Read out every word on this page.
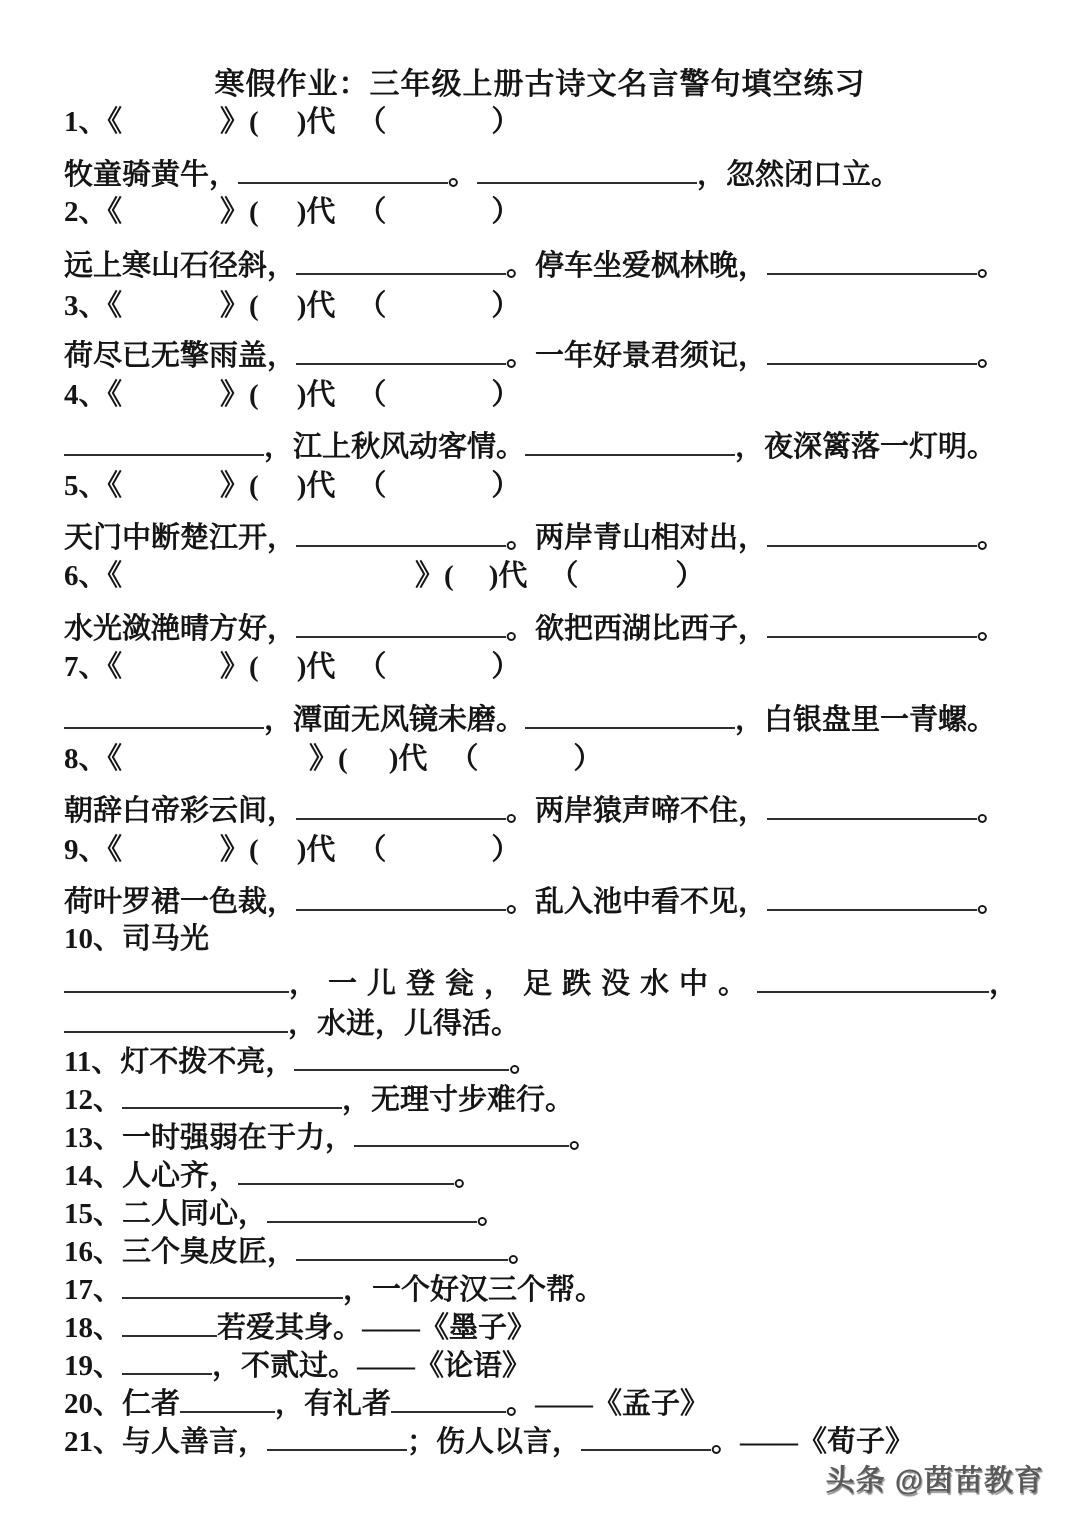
寒假作业：三年级上册古诗文名言警句填空练习
1、《	》( )代 （	）
牧童骑黄牛，	。	，忽然闭口立。
2、《	》( )代 （	）
远上寒山石径斜，	。停车坐爱枫林晚，	。
3、《	》( )代 （	）
荷尽已无擎雨盖，	。一年好景君须记，	。
4、《	》( )代 （	）
，江上秋风动客情。	，夜深篱落一灯明。
5、《	》( )代 （	）
天门中断楚江开，	。两岸青山相对出，	。
6、《	》( )代 （	）
水光潋滟晴方好，	。欲把西湖比西子，	。
7、《	》( )代 （	）
，潭面无风镜未磨。	，白银盘里一青螺。
8、《	》( )代 （	）
朝辞白帝彩云间，	。两岸猿声啼不住，	。
9、《	》( )代 （	）
荷叶罗裙一色裁，	。乱入池中看不见，	。
10、司马光
，一儿登瓮，足跌没水中。	，
，水迸，儿得活。
11、灯不拨不亮，	。
12、	，无理寸步难行。
13、一时强弱在于力，	。
14、人心齐，	。
15、二人同心，	。
16、三个臭皮匠，	。
17、	，一个好汉三个帮。
18、	若爱其身。——《墨子》
19、	，不贰过。——《论语》
20、仁者	，有礼者	。——《孟子》
21、与人善言，	；伤人以言，	。——《荀子》
头条 @茵苗教育
